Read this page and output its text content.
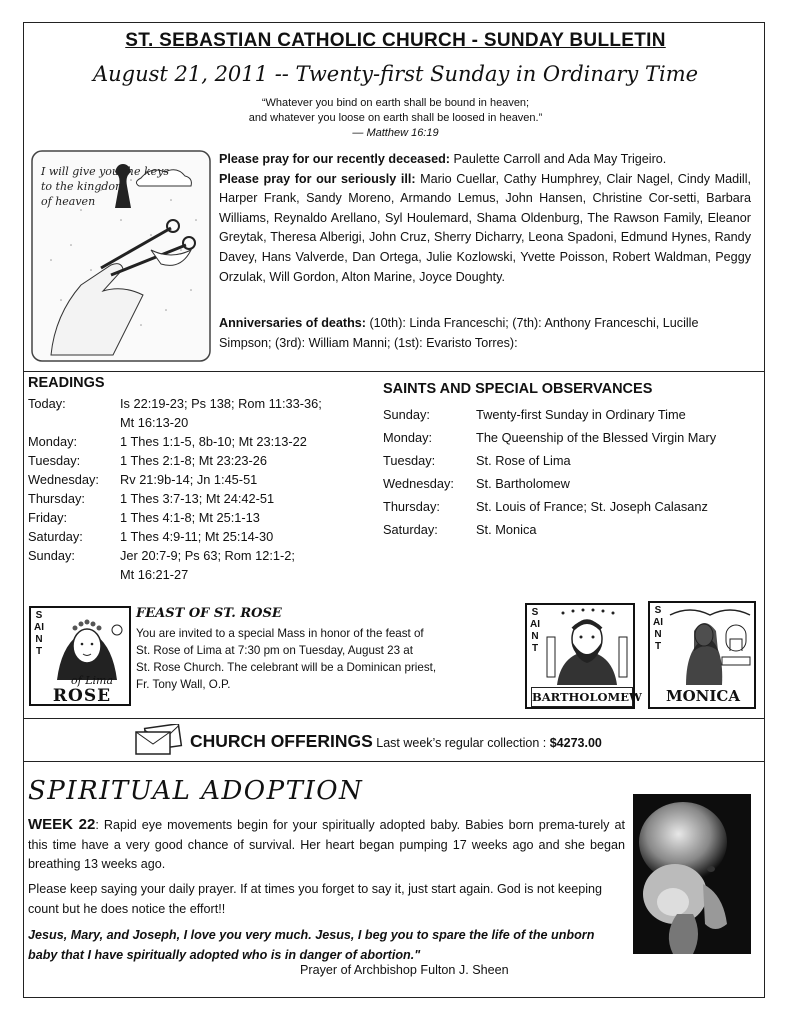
ST. SEBASTIAN CATHOLIC CHURCH - SUNDAY BULLETIN
August 21, 2011 -- Twenty-first Sunday in Ordinary Time
“Whatever you bind on earth shall be bound in heaven;
and whatever you loose on earth shall be loosed in heaven.”
— Matthew 16:19
I will give you the keys
to the kingdom
of heaven
Please pray for our recently deceased: Paulette Carroll and Ada May Trigeiro.
Please pray for our seriously ill: Mario Cuellar, Cathy Humphrey, Clair Nagel, Cindy Madill, Harper Frank, Sandy Moreno, Armando Lemus, John Hansen, Christine Cor-setti, Barbara Williams, Reynaldo Arellano, Syl Houlemard, Shama Oldenburg, The Rawson Family, Eleanor Greytak, Theresa Alberigi, John Cruz, Sherry Dicharry, Leona Spadoni, Edmund Hynes, Randy Davey, Hans Valverde, Dan Ortega, Julie Kozlowski, Yvette Poisson, Robert Waldman, Peggy Orzulak, Will Gordon, Alton Marine, Joyce Doughty.
Anniversaries of deaths: (10th): Linda Franceschi; (7th): Anthony Franceschi, Lucille Simpson; (3rd): William Manni; (1st): Evaristo Torres):
READINGS
Today:	Is 22:19-23; Ps 138; Rom 11:33-36;
Mt 16:13-20
Monday:	1 Thes 1:1-5, 8b-10; Mt 23:13-22
Tuesday:	1 Thes 2:1-8; Mt 23:23-26
Wednesday: Rv 21:9b-14; Jn 1:45-51
Thursday:	1 Thes 3:7-13; Mt 24:42-51
Friday:	1 Thes 4:1-8; Mt 25:1-13
Saturday:	1 Thes 4:9-11; Mt 25:14-30
Sunday:	Jer 20:7-9; Ps 63; Rom 12:1-2;
Mt 16:21-27
SAINTS AND SPECIAL OBSERVANCES
Sunday:	Twenty-first Sunday in Ordinary Time
Monday:	The Queenship of the Blessed Virgin Mary
Tuesday:	St. Rose of Lima
Wednesday: St. Bartholomew
Thursday:	St. Louis of France; St. Joseph Calasanz
Saturday:	St. Monica
SAINT
of Lima
ROSE
FEAST OF ST. ROSE
You are invited to a special Mass in honor of the feast of
St. Rose of Lima at 7:30 pm on Tuesday, August 23 at
St. Rose Church. The celebrant will be a Dominican priest,
Fr. Tony Wall, O.P.
SAINT
BARTHOLOMEW
SAINT
MONICA
CHURCH OFFERINGS Last week’s regular collection : $4273.00
SPIRITUAL ADOPTION
WEEK 22: Rapid eye movements begin for your spiritually adopted baby. Babies born prema-turely at this time have a very good chance of survival. Her heart began pumping 17 weeks ago and she began breathing 13 weeks ago.
Please keep saying your daily prayer. If at times you forget to say it, just start again. God is not keeping count but he does notice the effort!!
Jesus, Mary, and Joseph, I love you very much. Jesus, I beg you to spare the life of the unborn baby that I have spiritually adopted who is in danger of abortion."
Prayer of Archbishop Fulton J. Sheen
